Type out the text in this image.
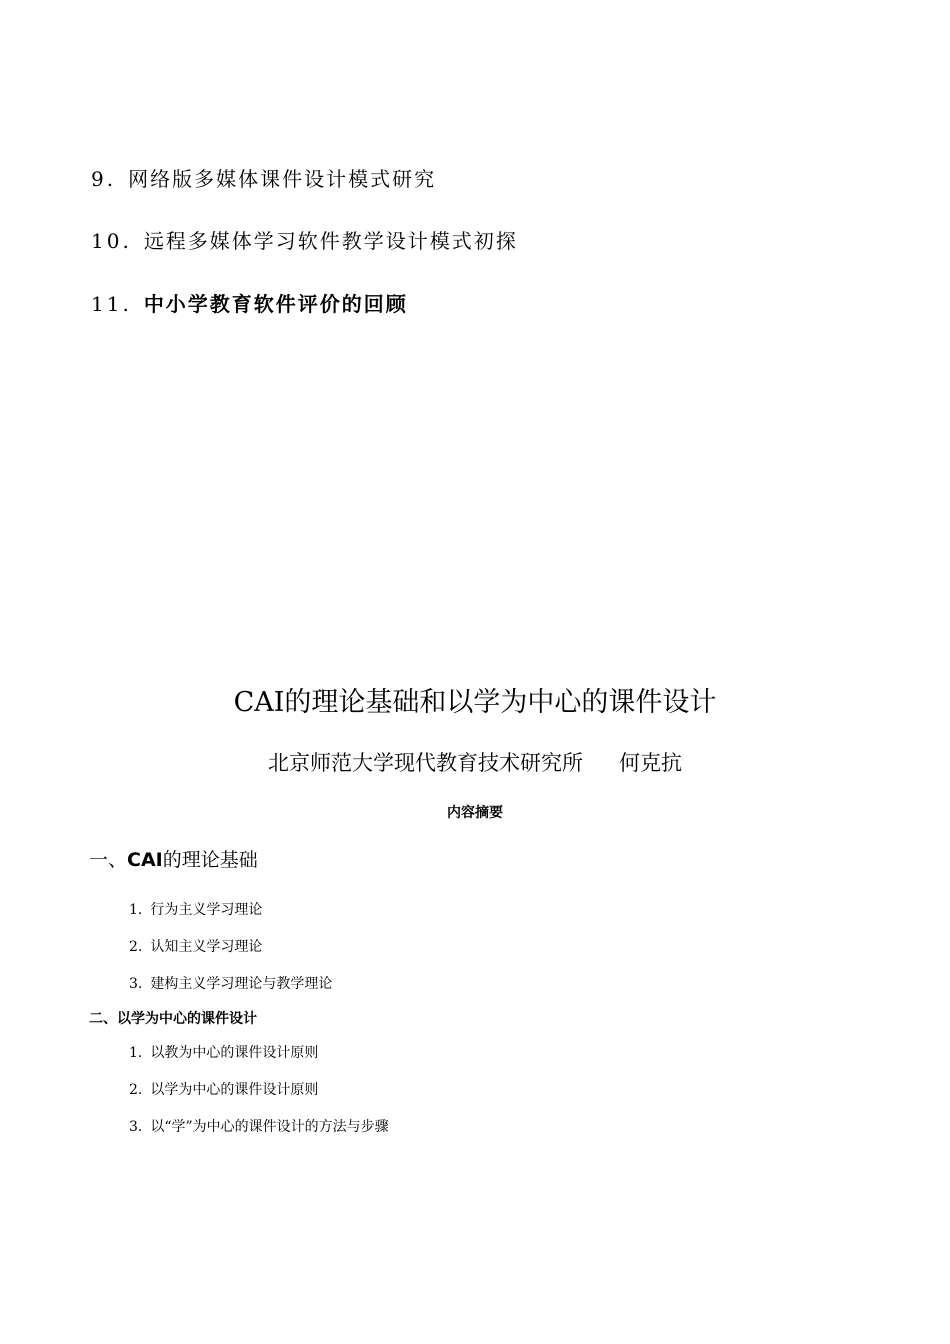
9. 网络版多媒体课件设计模式研究
10. 远程多媒体学习软件教学设计模式初探
11. 中小学教育软件评价的回顾
CAI的理论基础和以学为中心的课件设计
北京师范大学现代教育技术研究所 何克抗
内容摘要
一、CAI的理论基础
1. 行为主义学习理论
2. 认知主义学习理论
3. 建构主义学习理论与教学理论
二、以学为中心的课件设计
1. 以教为中心的课件设计原则
2. 以学为中心的课件设计原则
3. 以“学”为中心的课件设计的方法与步骤
